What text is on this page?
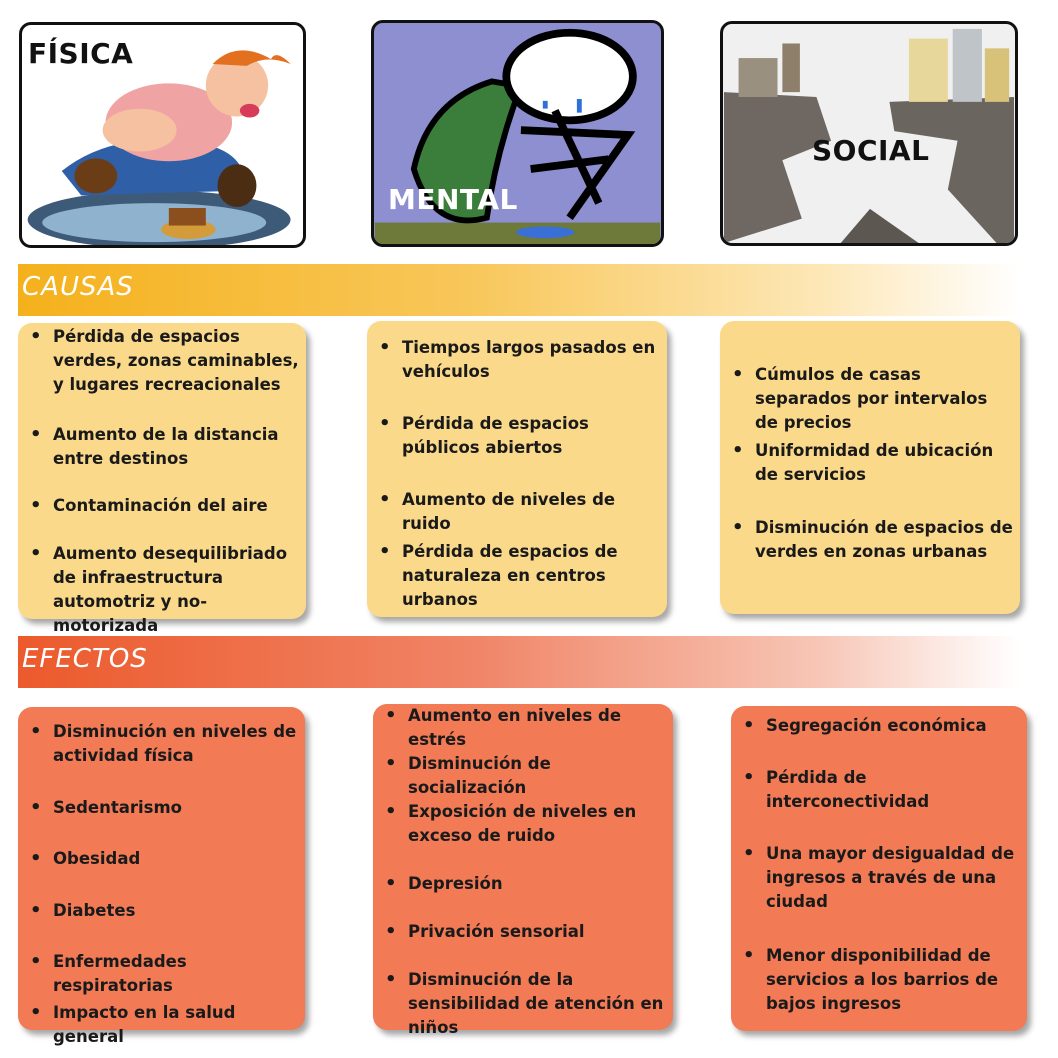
FÍSICA
MENTAL
SOCIAL
CAUSAS
• Pérdida de espacios verdes, zonas caminables, y lugares recreacionales
• Aumento de la distancia entre destinos
• Contaminación del aire
• Aumento desequilibriado de infraestructura automotriz y no-motorizada
• Tiempos largos pasados en vehículos
• Pérdida de espacios públicos abiertos
• Aumento de niveles de ruido
• Pérdida de espacios de naturaleza en centros urbanos
• Cúmulos de casas separados por intervalos de precios
• Uniformidad de ubicación de servicios
• Disminución de espacios de verdes en zonas urbanas
EFECTOS
• Disminución en niveles de actividad física
• Sedentarismo
• Obesidad
• Diabetes
• Enfermedades respiratorias
• Impacto en la salud general
• Aumento en niveles de estrés
• Disminución de socialización
• Exposición de niveles en exceso de ruido
• Depresión
• Privación sensorial
• Disminución de la sensibilidad de atención en niños
• Segregación económica
• Pérdida de interconectividad
• Una mayor desigualdad de ingresos a través de una ciudad
• Menor disponibilidad de servicios a los barrios de bajos ingresos
